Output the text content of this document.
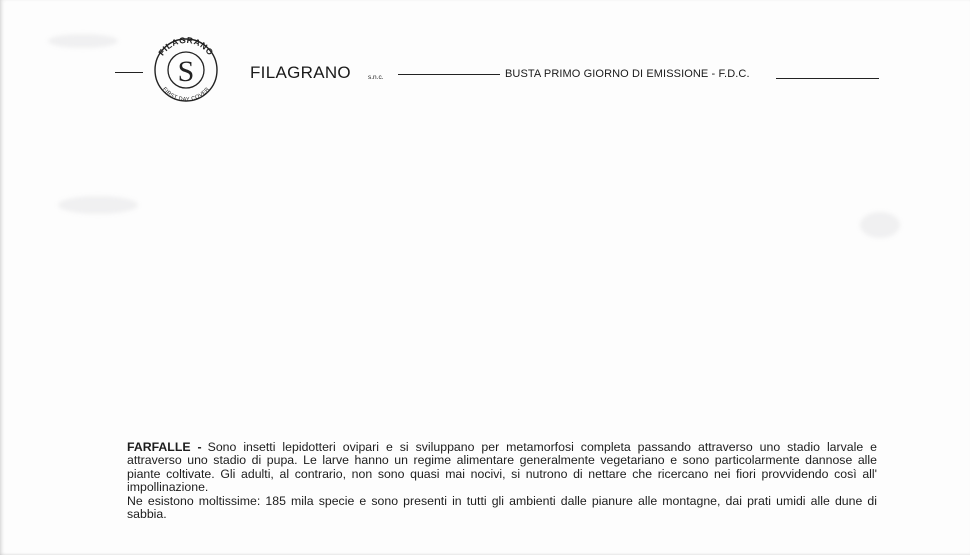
FILAGRANO
FIRST DAY COVER
S	FILAGRANO	s.n.c.	BUSTA PRIMO GIORNO DI EMISSIONE - F.D.C.

FARFALLE - Sono insetti lepidotteri ovipari e si sviluppano per metamorfosi completa passando attraverso uno stadio larvale e attraverso uno stadio di pupa. Le larve hanno un regime alimentare generalmente vegetariano e sono particolarmente dannose alle piante coltivate. Gli adulti, al contrario, non sono quasi mai nocivi, si nutrono di nettare che ricercano nei fiori provvidendo così all' impollinazione.

Ne esistono moltissime: 185 mila specie e sono presenti in tutti gli ambienti dalle pianure alle montagne, dai prati umidi alle dune di sabbia.
